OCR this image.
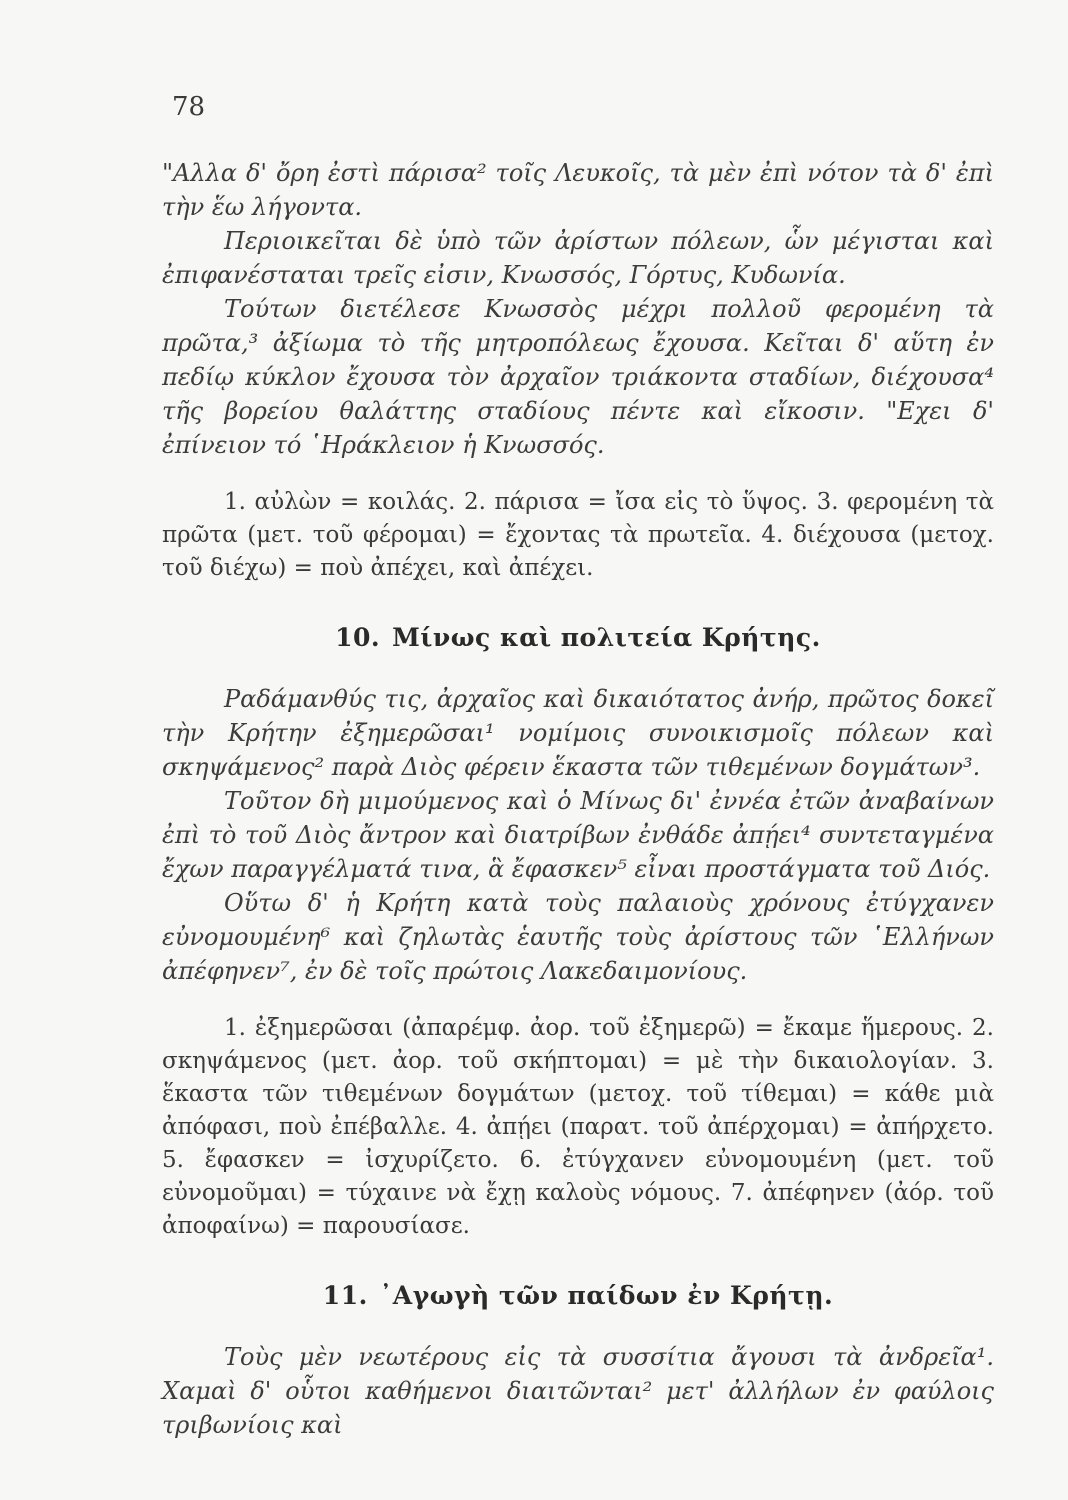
78

"Αλλα δ' ὄρη ἐστὶ πάρισα² τοῖς Λευκοῖς, τὰ μὲν ἐπὶ νότον τὰ δ' ἐπὶ τὴν ἕω λήγοντα.

Περιοικεῖται δὲ ὑπὸ τῶν ἀρίστων πόλεων, ὧν μέγισται καὶ ἐπιφανέσταται τρεῖς εἰσιν, Κνωσσός, Γόρτυς, Κυδωνία.

Τούτων διετέλεσε Κνωσσὸς μέχρι πολλοῦ φερομένη τὰ πρῶτα,³ ἀξίωμα τὸ τῆς μητροπόλεως ἔχουσα. Κεῖται δ' αὕτη ἐν πεδίῳ κύκλον ἔχουσα τὸν ἀρχαῖον τριάκοντα σταδίων, διέχουσα⁴ τῆς βορείου θαλάττης σταδίους πέντε καὶ εἴκοσιν. "Εχει δ' ἐπίνειον τό ῾Ηράκλειον ἡ Κνωσσός.

1. αὐλὼν = κοιλάς. 2. πάρισα = ἴσα εἰς τὸ ὕψος. 3. φερομένη τὰ πρῶτα (μετ. τοῦ φέρομαι) = ἔχοντας τὰ πρωτεῖα. 4. διέχουσα (μετοχ. τοῦ διέχω) = ποὺ ἀπέχει, καὶ ἀπέχει.

10. Μίνως καὶ πολιτεία Κρήτης.

Ραδάμανθύς τις, ἀρχαῖος καὶ δικαιότατος ἀνήρ, πρῶτος δοκεῖ τὴν Κρήτην ἐξημερῶσαι¹ νομίμοις συνοικισμοῖς πόλεων καὶ σκηψάμενος² παρὰ Διὸς φέρειν ἕκαστα τῶν τιθεμένων δογμάτων³.

Τοῦτον δὴ μιμούμενος καὶ ὁ Μίνως δι' ἐννέα ἐτῶν ἀναβαίνων ἐπὶ τὸ τοῦ Διὸς ἄντρον καὶ διατρίβων ἐνθάδε ἀπῄει⁴ συντεταγμένα ἔχων παραγγέλματά τινα, ἃ ἔφασκεν⁵ εἶναι προστάγματα τοῦ Διός.

Οὕτω δ' ἡ Κρήτη κατὰ τοὺς παλαιοὺς χρόνους ἐτύγχανεν εὐνομουμένη⁶ καὶ ζηλωτὰς ἑαυτῆς τοὺς ἀρίστους τῶν ῾Ελλήνων ἀπέφηνεν⁷, ἐν δὲ τοῖς πρώτοις Λακεδαιμονίους.

1. ἐξημερῶσαι (ἀπαρέμφ. ἀορ. τοῦ ἐξημερῶ) = ἔκαμε ἥμερους. 2. σκηψάμενος (μετ. ἀορ. τοῦ σκήπτομαι) = μὲ τὴν δικαιολογίαν. 3. ἕκαστα τῶν τιθεμένων δογμάτων (μετοχ. τοῦ τίθεμαι) = κάθε μιὰ ἀπόφασι, ποὺ ἐπέβαλλε. 4. ἀπῄει (παρατ. τοῦ ἀπέρχομαι) = ἀπήρχετο. 5. ἔφασκεν = ἰσχυρίζετο. 6. ἐτύγχανεν εὐνομουμένη (μετ. τοῦ εὐνομοῦμαι) = τύχαινε νὰ ἔχῃ καλοὺς νόμους. 7. ἀπέφηνεν (ἀόρ. τοῦ ἀποφαίνω) = παρουσίασε.

11. ᾿Αγωγὴ τῶν παίδων ἐν Κρήτῃ.

Τοὺς μὲν νεωτέρους εἰς τὰ συσσίτια ἄγουσι τὰ ἀνδρεῖα¹. Χαμαὶ δ' οὗτοι καθήμενοι διαιτῶνται² μετ' ἀλλήλων ἐν φαύλοις τριβωνίοις καὶ
